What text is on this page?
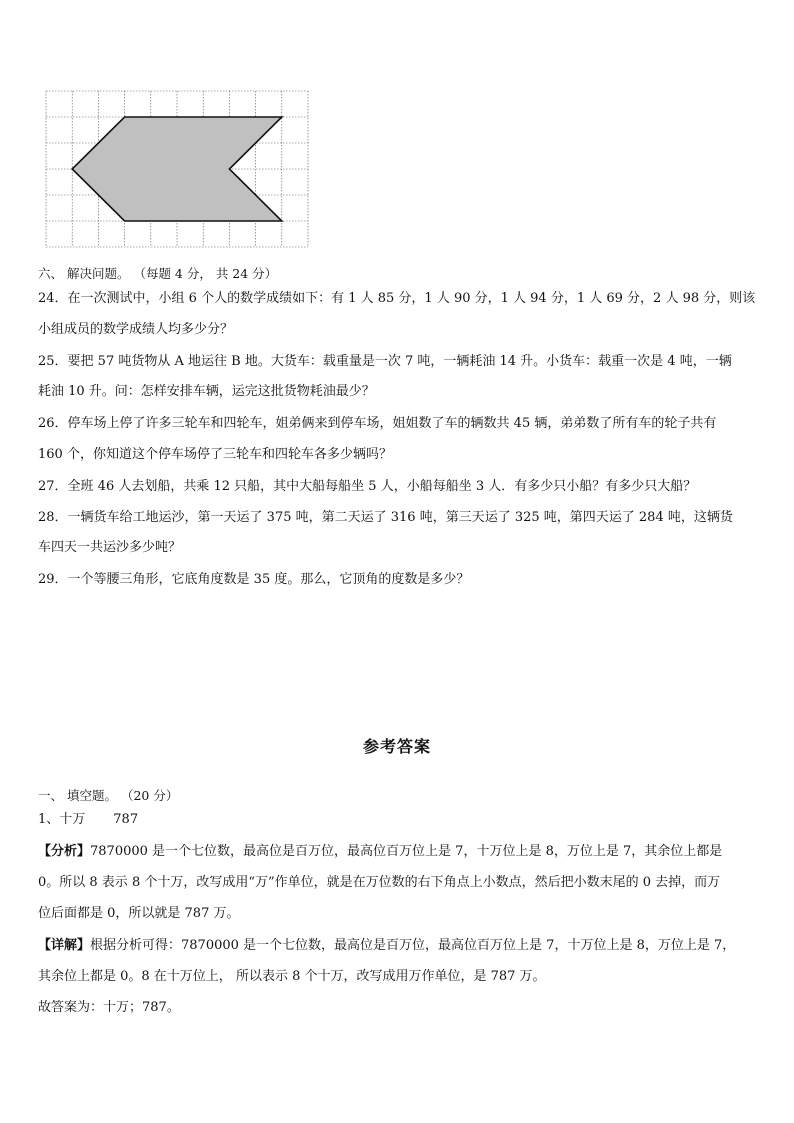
六、 解决问题。 （每题 4 分， 共 24 分）
24．在一次测试中，小组 6 个人的数学成绩如下：有 1 人 85 分，1 人 90 分，1 人 94 分，1 人 69 分，2 人 98 分，则该
小组成员的数学成绩人均多少分？
25．要把 57 吨货物从 A 地运往 B 地。大货车：载重量是一次 7 吨，一辆耗油 14 升。小货车：载重一次是 4 吨，一辆
耗油 10 升。问：怎样安排车辆，运完这批货物耗油最少？
26．停车场上停了许多三轮车和四轮车，姐弟俩来到停车场，姐姐数了车的辆数共 45 辆，弟弟数了所有车的轮子共有
160 个，你知道这个停车场停了三轮车和四轮车各多少辆吗？
27．全班 46 人去划船，共乘 12 只船，其中大船每船坐 5 人，小船每船坐 3 人．有多少只小船？有多少只大船？
28．一辆货车给工地运沙，第一天运了 375 吨，第二天运了 316 吨，第三天运了 325 吨，第四天运了 284 吨，这辆货
车四天一共运沙多少吨？
29．一个等腰三角形，它底角度数是 35 度。那么，它顶角的度数是多少？
参考答案
一、 填空题。 （20 分）
1、十万 787
【分析】7870000 是一个七位数，最高位是百万位，最高位百万位上是 7，十万位上是 8，万位上是 7，其余位上都是
0。所以 8 表示 8 个十万，改写成用“万”作单位，就是在万位数的右下角点上小数点，然后把小数末尾的 0 去掉，而万
位后面都是 0，所以就是 787 万。
【详解】根据分析可得：7870000 是一个七位数，最高位是百万位，最高位百万位上是 7，十万位上是 8，万位上是 7，
其余位上都是 0。8 在十万位上， 所以表示 8 个十万，改写成用万作单位，是 787 万。
故答案为：十万；787。
